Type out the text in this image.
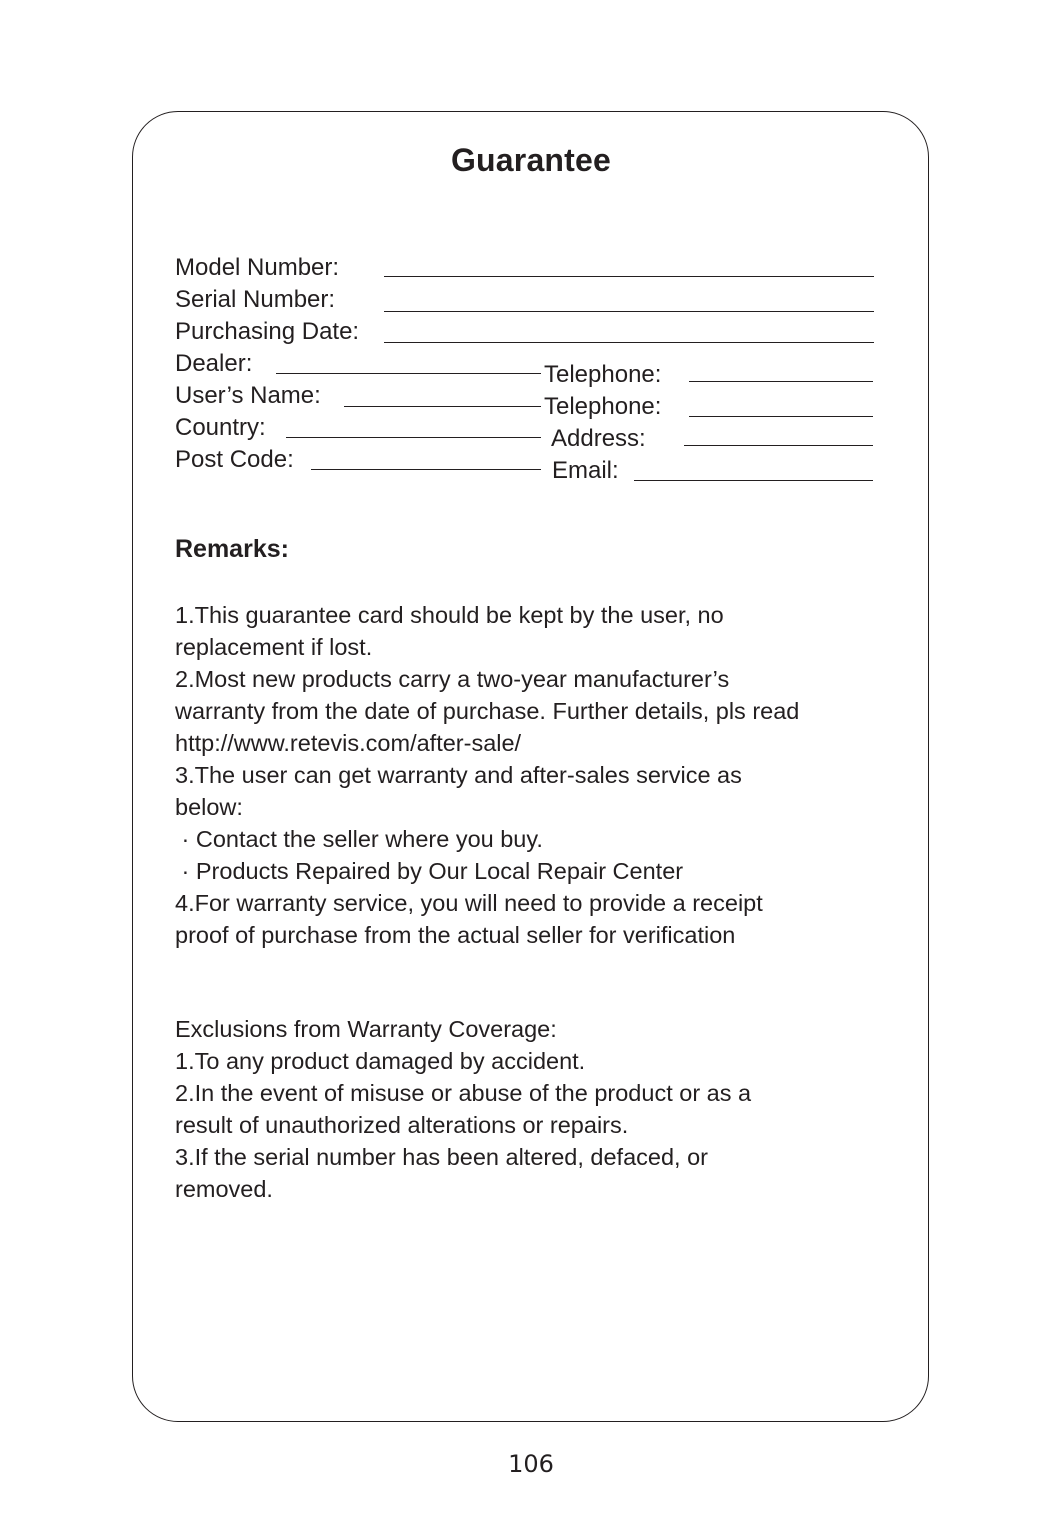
Guarantee
Model Number:
Serial Number:
Purchasing Date:
Dealer:
User’s Name:
Country:
Post Code:
Telephone:
Telephone:
Address:
Email:
Remarks:
1.This guarantee card should be kept by the user, no
replacement if lost.
2.Most new products carry a two-year manufacturer’s
warranty from the date of purchase. Further details, pls read
http://www.retevis.com/after-sale/
3.The user can get warranty and after-sales service as
below:
· Contact the seller where you buy.
· Products Repaired by Our Local Repair Center
4.For warranty service, you will need to provide a receipt
proof of purchase from the actual seller for verification
Exclusions from Warranty Coverage:
1.To any product damaged by accident.
2.In the event of misuse or abuse of the product or as a
result of unauthorized alterations or repairs.
3.If the serial number has been altered, defaced, or
removed.
106
